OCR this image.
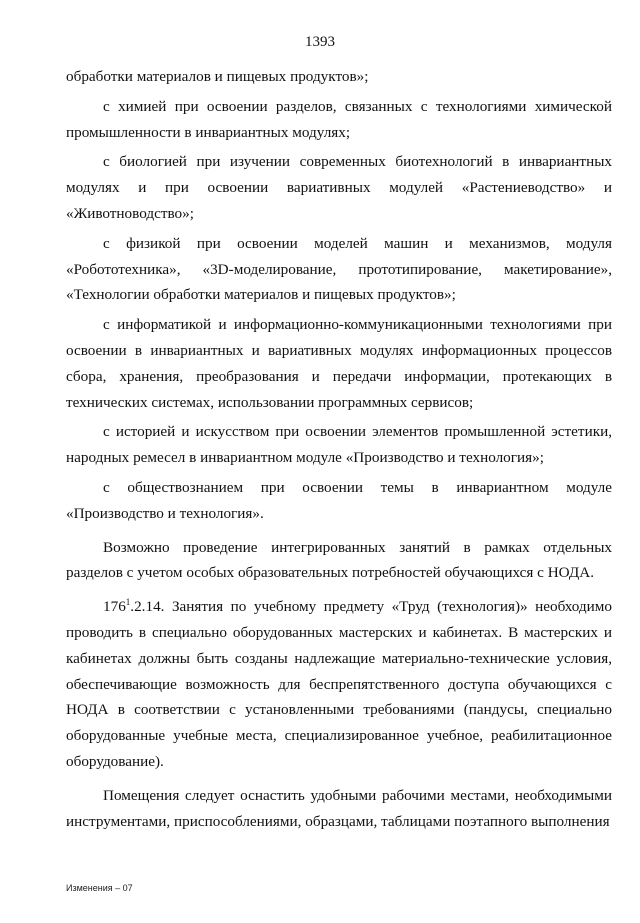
1393

обработки материалов и пищевых продуктов»;

с химией при освоении разделов, связанных с технологиями химической промышленности в инвариантных модулях;

с биологией при изучении современных биотехнологий в инвариантных модулях и при освоении вариативных модулей «Растениеводство» и «Животноводство»;

с физикой при освоении моделей машин и механизмов, модуля «Робототехника», «3D-моделирование, прототипирование, макетирование», «Технологии обработки материалов и пищевых продуктов»;

с информатикой и информационно-коммуникационными технологиями при освоении в инвариантных и вариативных модулях информационных процессов сбора, хранения, преобразования и передачи информации, протекающих в технических системах, использовании программных сервисов;

с историей и искусством при освоении элементов промышленной эстетики, народных ремесел в инвариантном модуле «Производство и технология»;

с обществознанием при освоении темы в инвариантном модуле «Производство и технология».

Возможно проведение интегрированных занятий в рамках отдельных разделов с учетом особых образовательных потребностей обучающихся с НОДА.

$176^1.2.14$. Занятия по учебному предмету «Труд (технология)» необходимо проводить в специально оборудованных мастерских и кабинетах. В мастерских и кабинетах должны быть созданы надлежащие материально-технические условия, обеспечивающие возможность для беспрепятственного доступа обучающихся с НОДА в соответствии с установленными требованиями (пандусы, специально оборудованные учебные места, специализированное учебное, реабилитационное оборудование).

Помещения следует оснастить удобными рабочими местами, необходимыми инструментами, приспособлениями, образцами, таблицами поэтапного выполнения

Изменения – 07
